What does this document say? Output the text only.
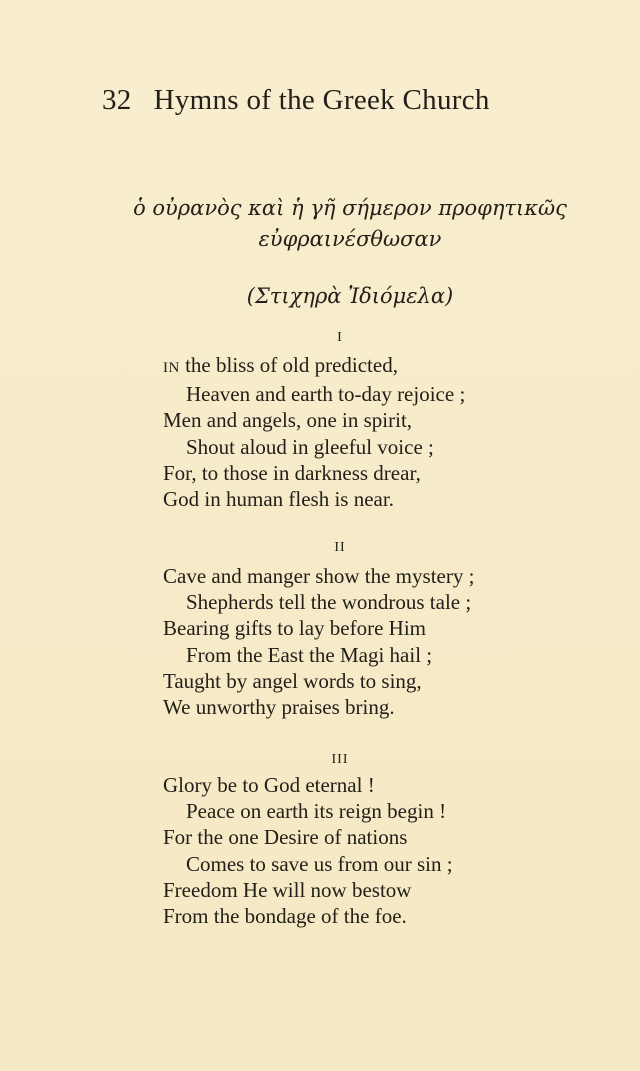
32 Hymns of the Greek Church
ὁ οὐρανὸς καὶ ἡ γῆ σήμερον προφητικῶς
εὐφραινέσθωσαν
(Στιχηρὰ Ἰδιόμελα)
I
IN the bliss of old predicted,
Heaven and earth to-day rejoice ;
Men and angels, one in spirit,
Shout aloud in gleeful voice ;
For, to those in darkness drear,
God in human flesh is near.
II
Cave and manger show the mystery ;
Shepherds tell the wondrous tale ;
Bearing gifts to lay before Him
From the East the Magi hail ;
Taught by angel words to sing,
We unworthy praises bring.
III
Glory be to God eternal !
Peace on earth its reign begin !
For the one Desire of nations
Comes to save us from our sin ;
Freedom He will now bestow
From the bondage of the foe.
